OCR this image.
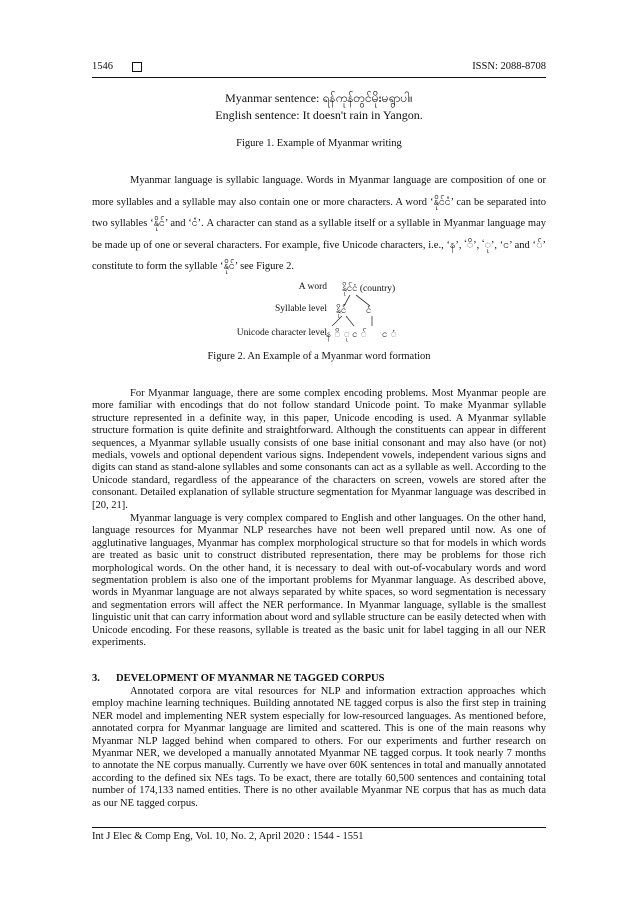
1546	ISSN: 2088-8708
Myanmar sentence: ရန်ကုန်တွင်မိုးမရွာပါ။
English sentence: It doesn't rain in Yangon.
Figure 1. Example of Myanmar writing

Myanmar language is syllabic language. Words in Myanmar language are composition of one or more syllables and a syllable may also contain one or more characters. A word ‘နိုင်ငံ’ can be separated into two syllables ‘နိုင်’ and ‘ငံ’. A character can stand as a syllable itself or a syllable in Myanmar language may be made up of one or several characters. For example, five Unicode characters, i.e., ‘န’, ‘ိ’, ‘ု’, ‘င’ and ‘်’ constitute to form the syllable ‘နိုင်’ see Figure 2.

A word
Syllable level
Unicode character level
နိုင်ငံ (country)
နိုင် ငံ
န ိ ု င ် င ံ
Figure 2. An Example of a Myanmar word formation

For Myanmar language, there are some complex encoding problems. Most Myanmar people are more familiar with encodings that do not follow standard Unicode point. To make Myanmar syllable structure represented in a definite way, in this paper, Unicode encoding is used. A Myanmar syllable structure formation is quite definite and straightforward. Although the constituents can appear in different sequences, a Myanmar syllable usually consists of one base initial consonant and may also have (or not) medials, vowels and optional dependent various signs. Independent vowels, independent various signs and digits can stand as stand-alone syllables and some consonants can act as a syllable as well. According to the Unicode standard, regardless of the appearance of the characters on screen, vowels are stored after the consonant. Detailed explanation of syllable structure segmentation for Myanmar language was described in [20, 21].

Myanmar language is very complex compared to English and other languages. On the other hand, language resources for Myanmar NLP researches have not been well prepared until now. As one of agglutinative languages, Myanmar has complex morphological structure so that for models in which words are treated as basic unit to construct distributed representation, there may be problems for those rich morphological words. On the other hand, it is necessary to deal with out-of-vocabulary words and word segmentation problem is also one of the important problems for Myanmar language. As described above, words in Myanmar language are not always separated by white spaces, so word segmentation is necessary and segmentation errors will affect the NER performance. In Myanmar language, syllable is the smallest linguistic unit that can carry information about word and syllable structure can be easily detected when with Unicode encoding. For these reasons, syllable is treated as the basic unit for label tagging in all our NER experiments.

3. DEVELOPMENT OF MYANMAR NE TAGGED CORPUS

Annotated corpora are vital resources for NLP and information extraction approaches which employ machine learning techniques. Building annotated NE tagged corpus is also the first step in training NER model and implementing NER system especially for low-resourced languages. As mentioned before, annotated corpra for Myanmar language are limited and scattered. This is one of the main reasons why Myanmar NLP lagged behind when compared to others. For our experiments and further research on Myanmar NER, we developed a manually annotated Myanmar NE tagged corpus. It took nearly 7 months to annotate the NE corpus manually. Currently we have over 60K sentences in total and manually annotated according to the defined six NEs tags. To be exact, there are totally 60,500 sentences and containing total number of 174,133 named entities. There is no other available Myanmar NE corpus that has as much data as our NE tagged corpus.

Int J Elec & Comp Eng, Vol. 10, No. 2, April 2020 : 1544 - 1551
